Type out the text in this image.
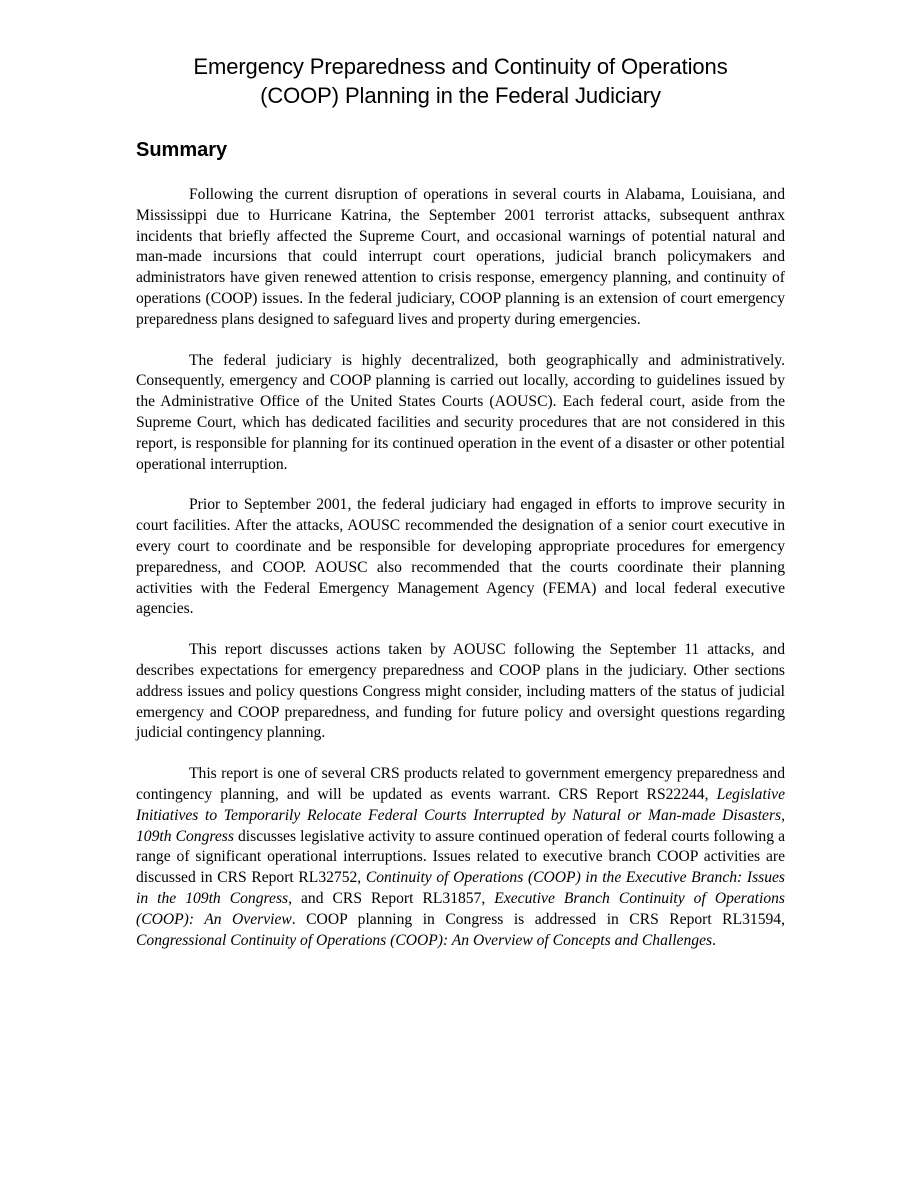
Emergency Preparedness and Continuity of Operations
(COOP) Planning in the Federal Judiciary
Summary

Following the current disruption of operations in several courts in Alabama, Louisiana, and Mississippi due to Hurricane Katrina, the September 2001 terrorist attacks, subsequent anthrax incidents that briefly affected the Supreme Court, and occasional warnings of potential natural and man-made incursions that could interrupt court operations, judicial branch policymakers and administrators have given renewed attention to crisis response, emergency planning, and continuity of operations (COOP) issues. In the federal judiciary, COOP planning is an extension of court emergency preparedness plans designed to safeguard lives and property during emergencies.

The federal judiciary is highly decentralized, both geographically and administratively. Consequently, emergency and COOP planning is carried out locally, according to guidelines issued by the Administrative Office of the United States Courts (AOUSC). Each federal court, aside from the Supreme Court, which has dedicated facilities and security procedures that are not considered in this report, is responsible for planning for its continued operation in the event of a disaster or other potential operational interruption.

Prior to September 2001, the federal judiciary had engaged in efforts to improve security in court facilities. After the attacks, AOUSC recommended the designation of a senior court executive in every court to coordinate and be responsible for developing appropriate procedures for emergency preparedness, and COOP. AOUSC also recommended that the courts coordinate their planning activities with the Federal Emergency Management Agency (FEMA) and local federal executive agencies.

This report discusses actions taken by AOUSC following the September 11 attacks, and describes expectations for emergency preparedness and COOP plans in the judiciary. Other sections address issues and policy questions Congress might consider, including matters of the status of judicial emergency and COOP preparedness, and funding for future policy and oversight questions regarding judicial contingency planning.

This report is one of several CRS products related to government emergency preparedness and contingency planning, and will be updated as events warrant. CRS Report RS22244, Legislative Initiatives to Temporarily Relocate Federal Courts Interrupted by Natural or Man-made Disasters, 109th Congress discusses legislative activity to assure continued operation of federal courts following a range of significant operational interruptions. Issues related to executive branch COOP activities are discussed in CRS Report RL32752, Continuity of Operations (COOP) in the Executive Branch: Issues in the 109th Congress, and CRS Report RL31857, Executive Branch Continuity of Operations (COOP): An Overview. COOP planning in Congress is addressed in CRS Report RL31594, Congressional Continuity of Operations (COOP): An Overview of Concepts and Challenges.
